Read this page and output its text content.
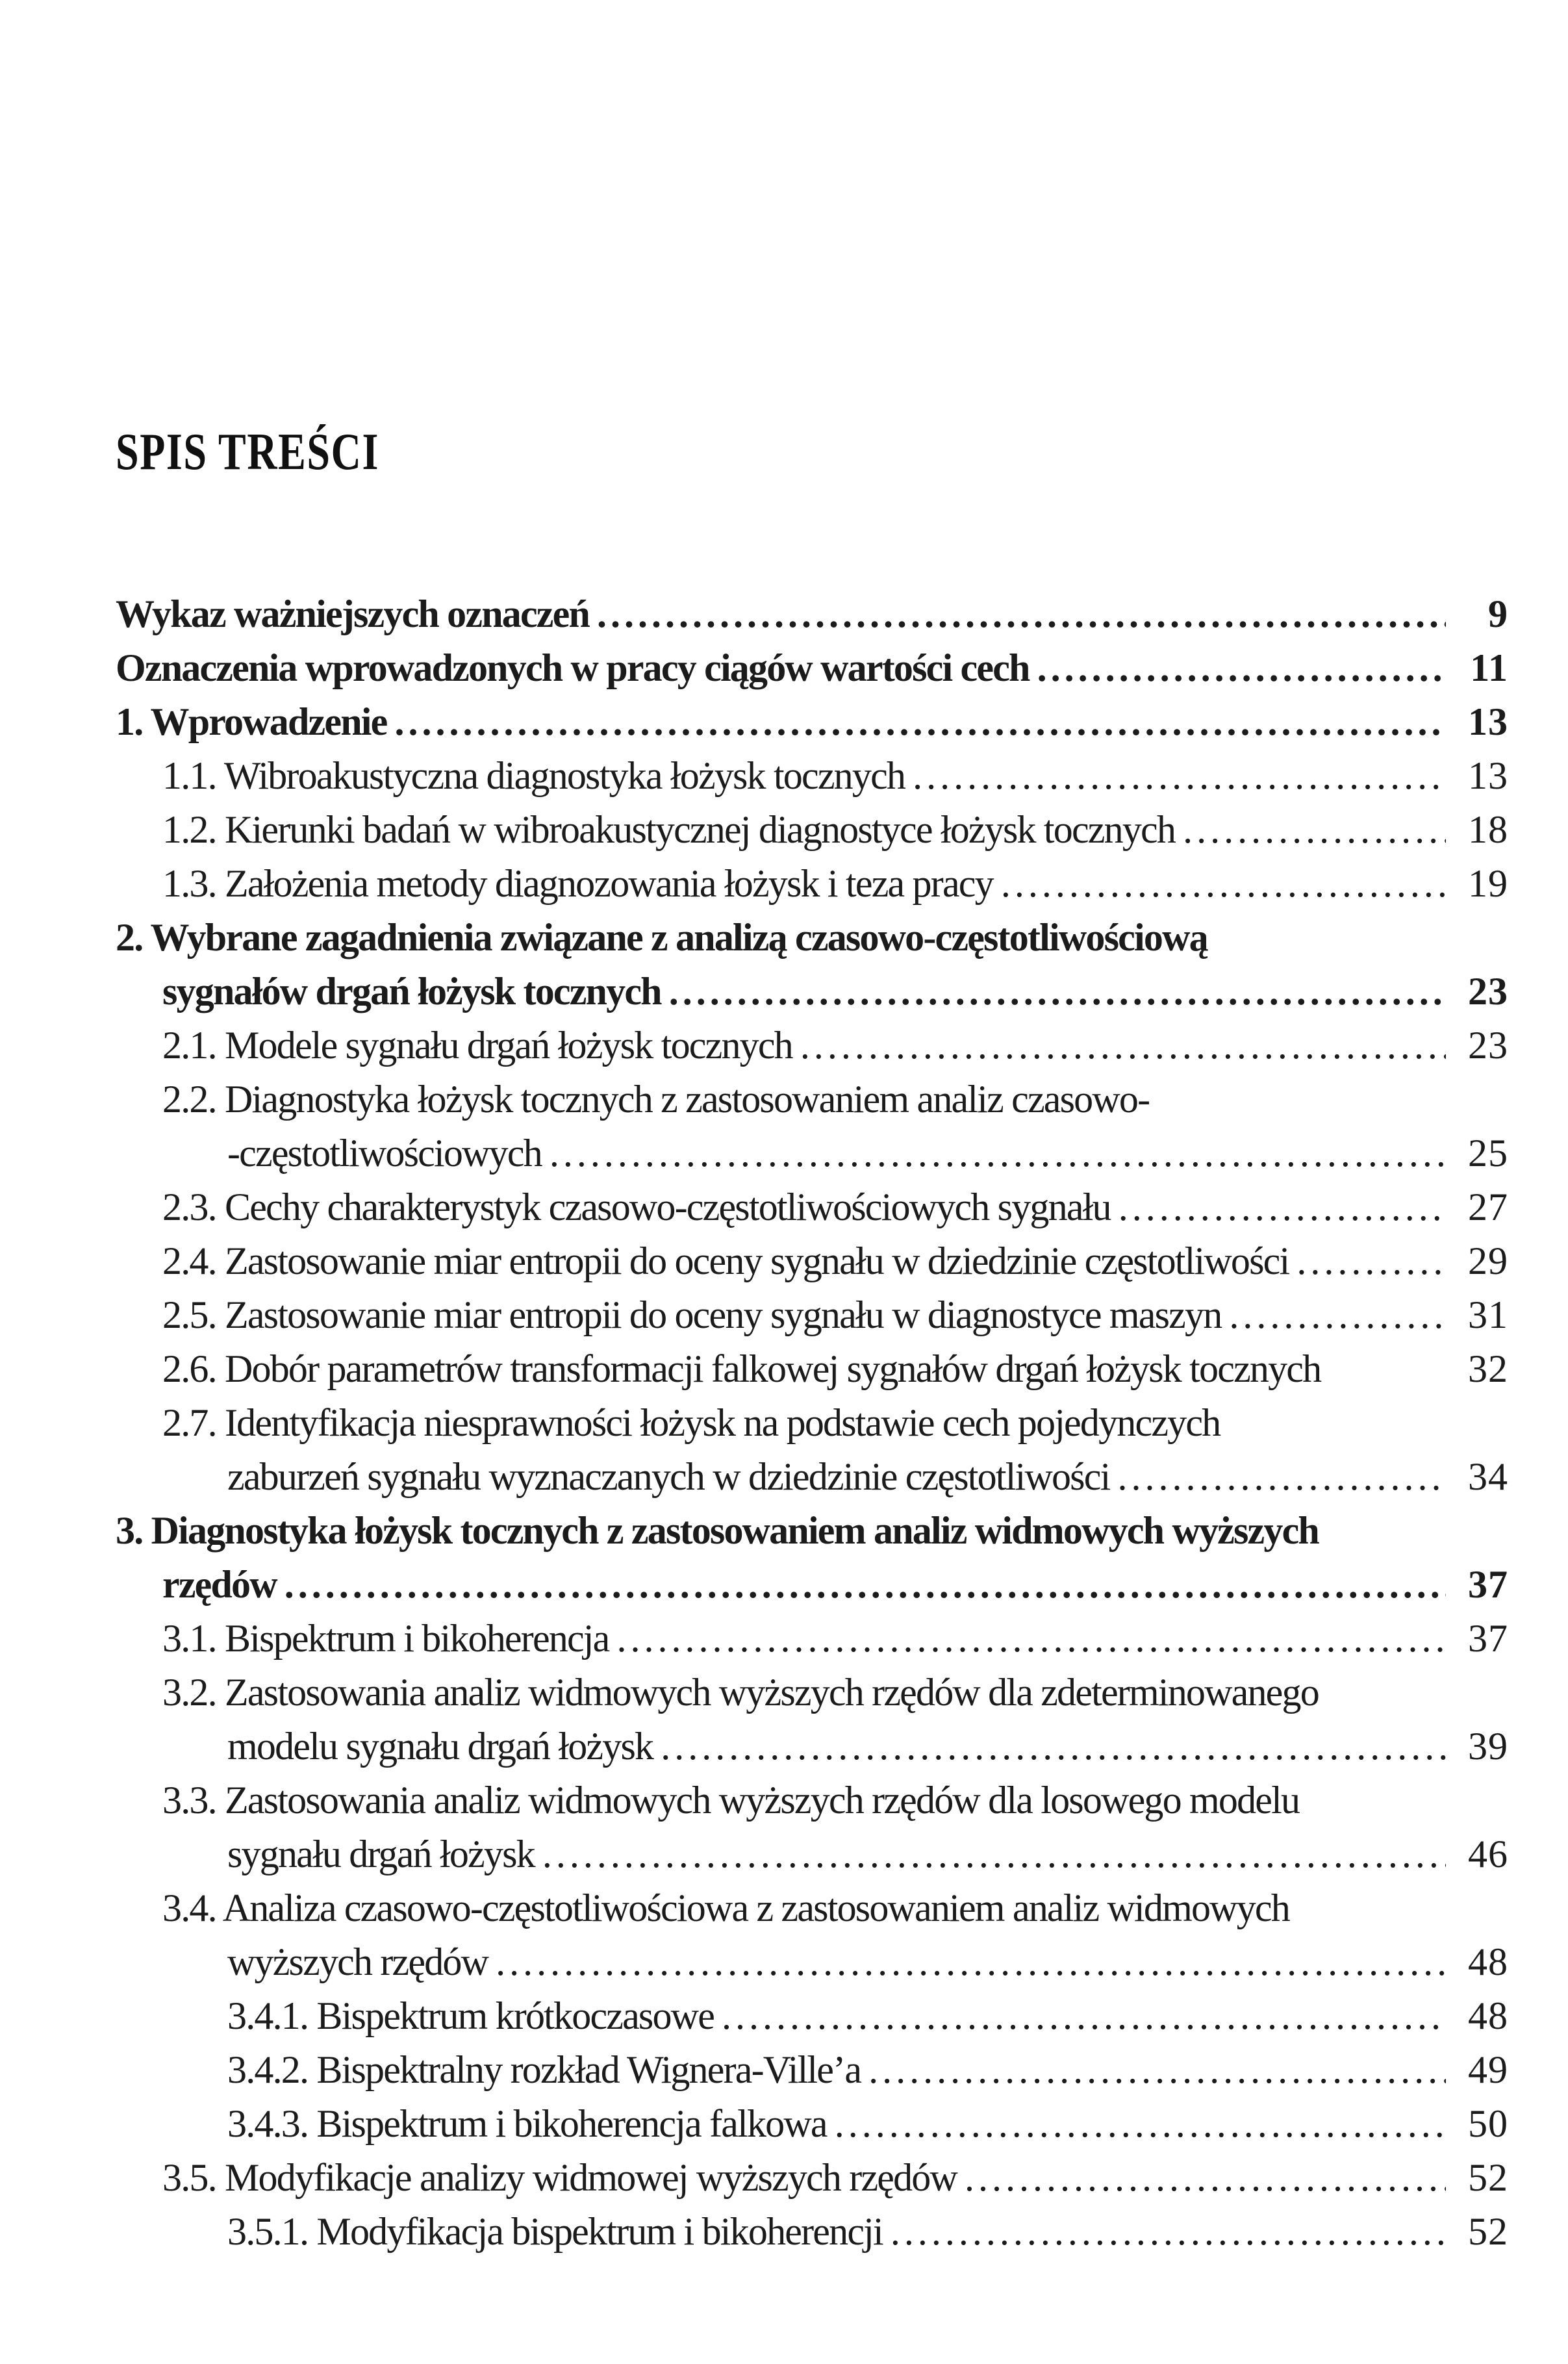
SPIS TREŚCI
Wykaz ważniejszych oznaczeń .....	9
Oznaczenia wprowadzonych w pracy ciągów wartości cech .....	11
1. Wprowadzenie .....	13
1.1. Wibroakustyczna diagnostyka łożysk tocznych .....	13
1.2. Kierunki badań w wibroakustycznej diagnostyce łożysk tocznych .....	18
1.3. Założenia metody diagnozowania łożysk i teza pracy .....	19
2. Wybrane zagadnienia związane z analizą czasowo-częstotliwościową
sygnałów drgań łożysk tocznych .....	23
2.1. Modele sygnału drgań łożysk tocznych .....	23
2.2. Diagnostyka łożysk tocznych z zastosowaniem analiz czasowo-
-częstotliwościowych .....	25
2.3. Cechy charakterystyk czasowo-częstotliwościowych sygnału .....	27
2.4. Zastosowanie miar entropii do oceny sygnału w dziedzinie częstotliwości .....	29
2.5. Zastosowanie miar entropii do oceny sygnału w diagnostyce maszyn .....	31
2.6. Dobór parametrów transformacji falkowej sygnałów drgań łożysk tocznych	32
2.7. Identyfikacja niesprawności łożysk na podstawie cech pojedynczych
zaburzeń sygnału wyznaczanych w dziedzinie częstotliwości .....	34
3. Diagnostyka łożysk tocznych z zastosowaniem analiz widmowych wyższych
rzędów .....	37
3.1. Bispektrum i bikoherencja .....	37
3.2. Zastosowania analiz widmowych wyższych rzędów dla zdeterminowanego
modelu sygnału drgań łożysk .....	39
3.3. Zastosowania analiz widmowych wyższych rzędów dla losowego modelu
sygnału drgań łożysk .....	46
3.4. Analiza czasowo-częstotliwościowa z zastosowaniem analiz widmowych
wyższych rzędów .....	48
3.4.1. Bispektrum krótkoczasowe .....	48
3.4.2. Bispektralny rozkład Wignera-Ville’a .....	49
3.4.3. Bispektrum i bikoherencja falkowa .....	50
3.5. Modyfikacje analizy widmowej wyższych rzędów .....	52
3.5.1. Modyfikacja bispektrum i bikoherencji .....	52
